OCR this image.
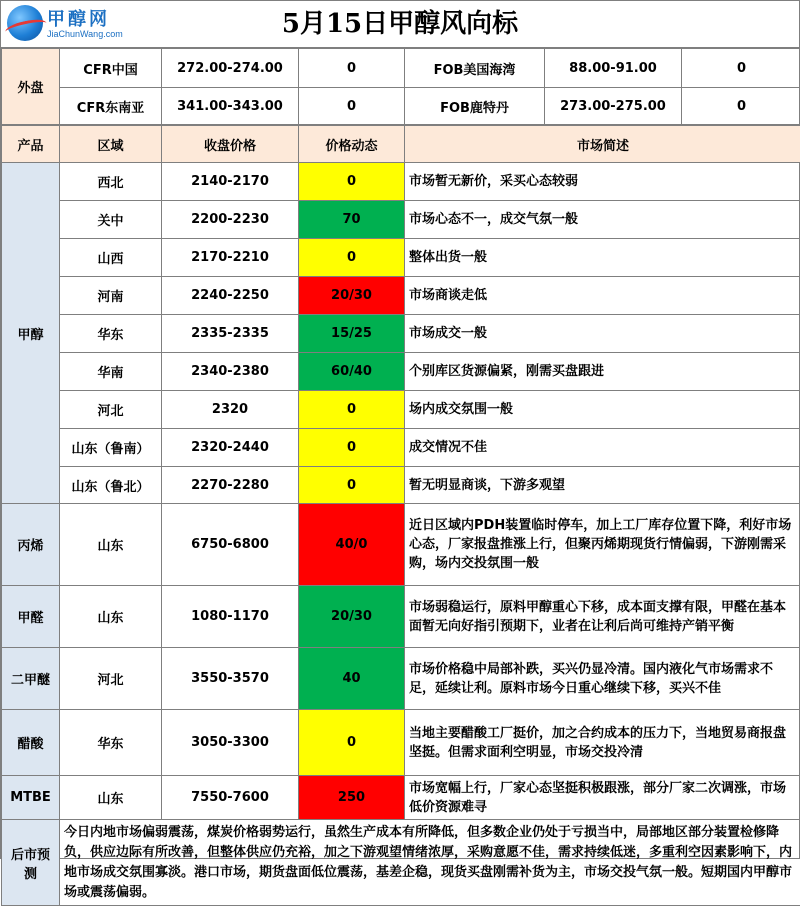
甲醇网
JiaChunWang.com	5月15日甲醇风向标
外盘	CFR中国	272.00-274.00	0	FOB美国海湾	88.00-91.00	0
	CFR东南亚	341.00-343.00	0	FOB鹿特丹	273.00-275.00	0
产品	区域	收盘价格	价格动态	市场简述
甲醇	西北	2140-2170	0	市场暂无新价，采买心态较弱
	关中	2200-2230	70	市场心态不一，成交气氛一般
	山西	2170-2210	0	整体出货一般
	河南	2240-2250	20/30	市场商谈走低
	华东	2335-2335	15/25	市场成交一般
	华南	2340-2380	60/40	个别库区货源偏紧，刚需买盘跟进
	河北	2320	0	场内成交氛围一般
	山东（鲁南）	2320-2440	0	成交情况不佳
	山东（鲁北）	2270-2280	0	暂无明显商谈，下游多观望
丙烯	山东	6750-6800	40/0	近日区域内PDH装置临时停车，加上工厂库存位置下降，利好市场心态，厂家报盘推涨上行，但聚丙烯期现货行情偏弱，下游刚需采购，场内交投氛围一般
甲醛	山东	1080-1170	20/30	市场弱稳运行，原料甲醇重心下移，成本面支撑有限，甲醛在基本面暂无向好指引预期下，业者在让利后尚可维持产销平衡
二甲醚	河北	3550-3570	40	市场价格稳中局部补跌，买兴仍显冷清。国内液化气市场需求不足，延续让利。原料市场今日重心继续下移，买兴不佳
醋酸	华东	3050-3300	0	当地主要醋酸工厂挺价，加之合约成本的压力下，当地贸易商报盘坚挺。但需求面利空明显，市场交投冷清
MTBE	山东	7550-7600	250	市场宽幅上行，厂家心态坚挺积极跟涨，部分厂家二次调涨，市场低价资源难寻
后市预测	今日内地市场偏弱震荡，煤炭价格弱势运行，虽然生产成本有所降低，但多数企业仍处于亏损当中，局部地区部分装置检修降负，供应边际有所改善，但整体供应仍充裕，加之下游观望情绪浓厚，采购意愿不佳，需求持续低迷，多重利空因素影响下，内地市场成交氛围寡淡。港口市场，期货盘面低位震荡，基差企稳，现货买盘刚需补货为主，市场交投气氛一般。短期国内甲醇市场或震荡偏弱。			
